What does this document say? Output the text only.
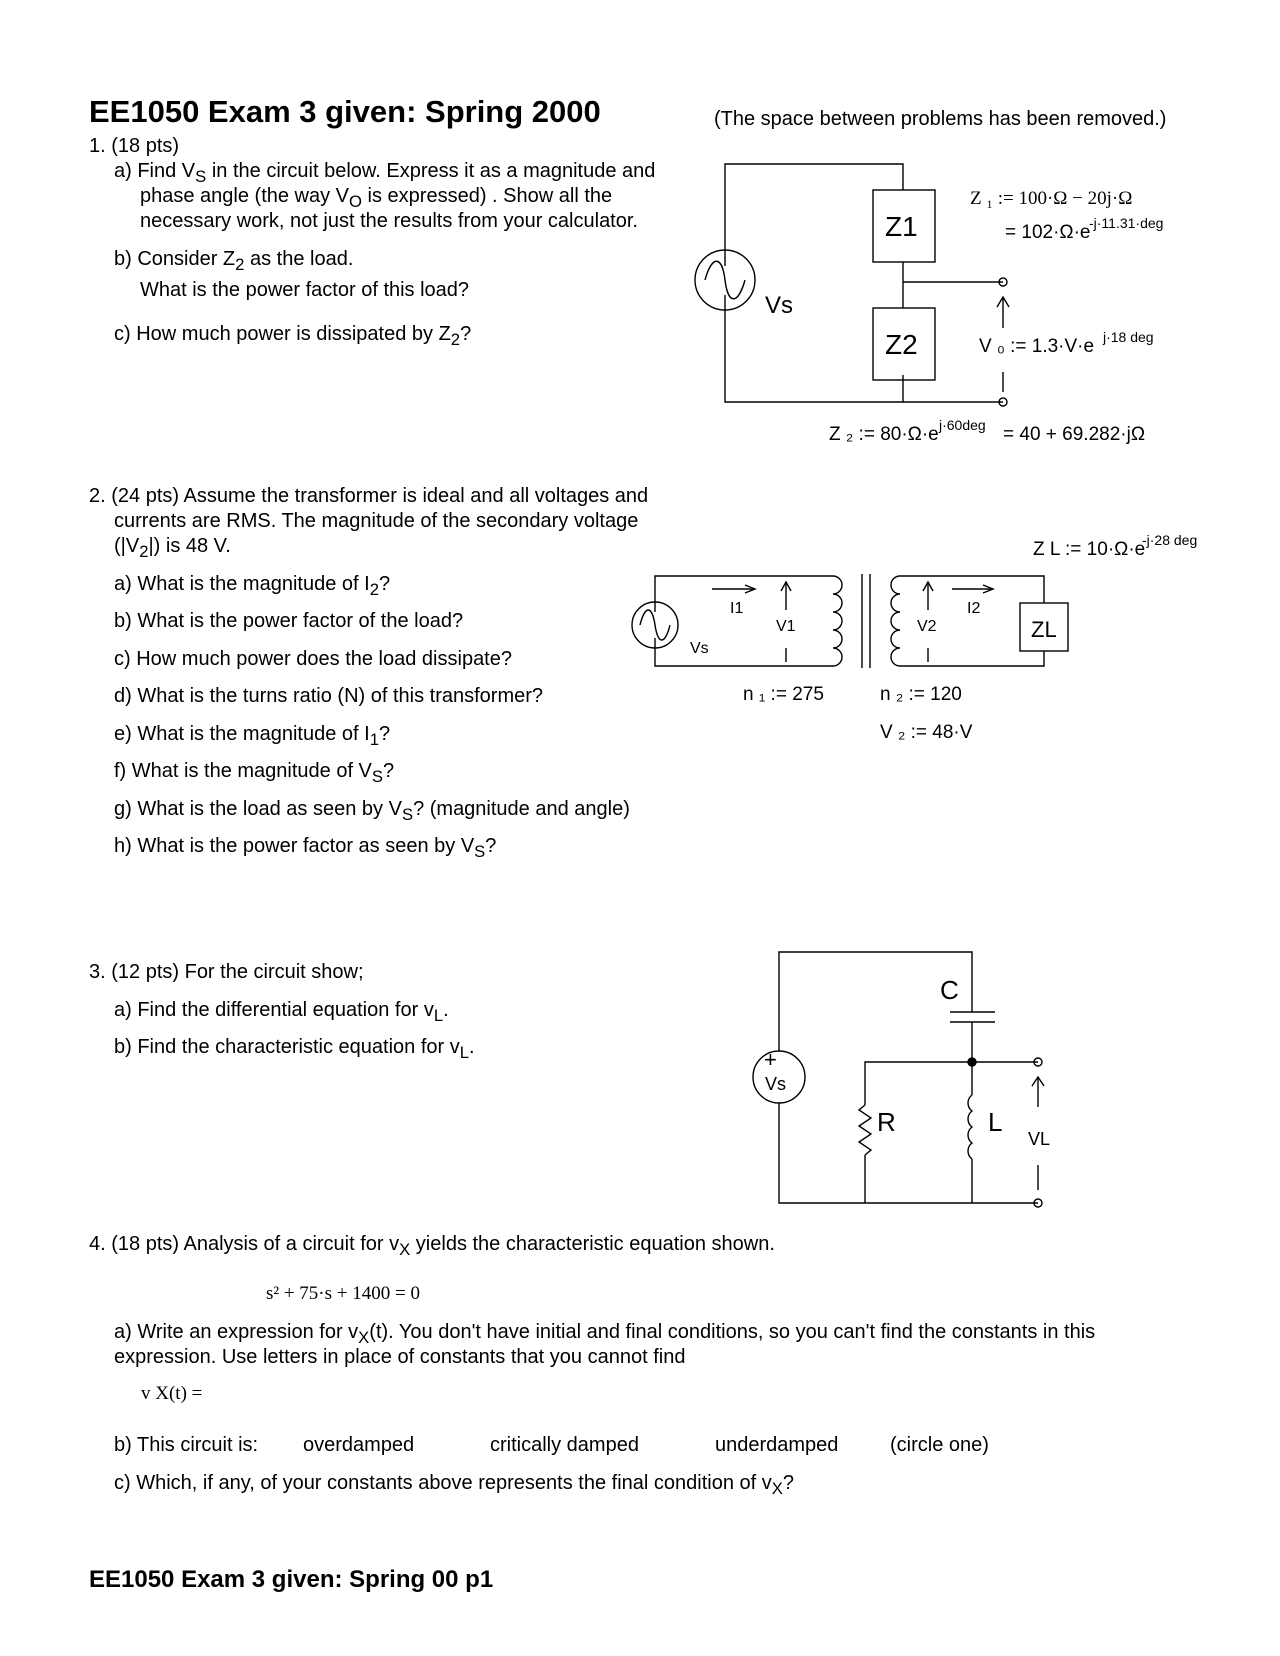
EE1050 Exam 3 given: Spring 2000	(The space between problems has been removed.)
1. (18 pts)
a) Find $V_S$ in the circuit below. Express it as a magnitude and
phase angle (the way $V_O$ is expressed) . Show all the
necessary work, not just the results from your calculator.
b) Consider $Z_2$ as the load.
What is the power factor of this load?
c) How much power is dissipated by $Z_2$?
Z1
Z2
Vs
Z ₁ := 100·Ω − 20j·Ω
= 102·Ω·e
-j·11.31·deg
V ₀ := 1.3·V·e j·18 deg
Z ₂ := 80·Ω·e j·60deg = 40 + 69.282·jΩ
2. (24 pts) Assume the transformer is ideal and all voltages and
currents are RMS. The magnitude of the secondary voltage
$(|V_2|)$ is 48 V.
a) What is the magnitude of $I_2$?
b) What is the power factor of the load?
c) How much power does the load dissipate?
d) What is the turns ratio (N) of this transformer?
e) What is the magnitude of $I_1$?
f) What is the magnitude of $V_S$?
g) What is the load as seen by $V_S$? (magnitude and angle)
h) What is the power factor as seen by $V_S$?
Z L := 10·Ω·e
-j·28 deg
Vs
I1
V1	V2
I2
ZL
n ₁ := 275	n ₂ := 120
V ₂ := 48·V
3. (12 pts) For the circuit show;
a) Find the differential equation for $v_L$.
b) Find the characteristic equation for $v_L$.
C
R	L
+
Vs
VL
4. (18 pts) Analysis of a circuit for $v_X$ yields the characteristic equation shown.
s² + 75·s + 1400 = 0
a) Write an expression for $v_X(t)$. You don't have initial and final conditions, so you can't find the constants in this
expression. Use letters in place of constants that you cannot find
v X(t) =
b) This circuit is: overdamped	critically damped	underdamped	(circle one)
c) Which, if any, of your constants above represents the final condition of $v_X$?
EE1050 Exam 3 given: Spring 00 p1
